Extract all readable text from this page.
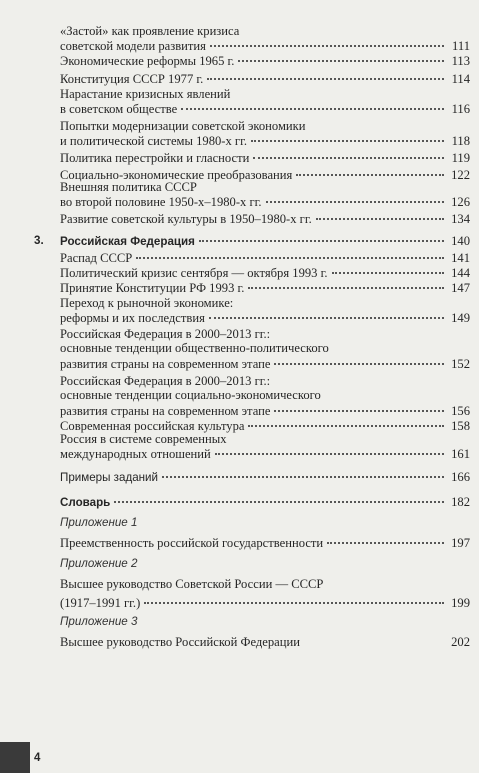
«Застой» как проявление кризиса
советской модели развития	111
Экономические реформы 1965 г.	113
Конституция СССР 1977 г.	114
Нарастание кризисных явлений
в советском обществе	116
Попытки модернизации советской экономики
и политической системы 1980-х гг.	118
Политика перестройки и гласности	119
Социально-экономические преобразования	122
Внешняя политика СССР
во второй половине 1950-х–1980-х гг.	126
Развитие советской культуры в 1950–1980-х гг.	134
3. Российская Федерация	140
Распад СССР	141
Политический кризис сентября — октября 1993 г.	144
Принятие Конституции РФ 1993 г.	147
Переход к рыночной экономике:
реформы и их последствия	149
Российская Федерация в 2000–2013 гг.:
основные тенденции общественно-политического
развития страны на современном этапе	152
Российская Федерация в 2000–2013 гг.:
основные тенденции социально-экономического
развития страны на современном этапе	156
Современная российская культура	158
Россия в системе современных
международных отношений	161
Примеры заданий	166
Словарь	182
Приложение 1
Преемственность российской государственности	197
Приложение 2
Высшее руководство Советской России — СССР
(1917–1991 гг.)	199
Приложение 3
Высшее руководство Российской Федерации	202
4
